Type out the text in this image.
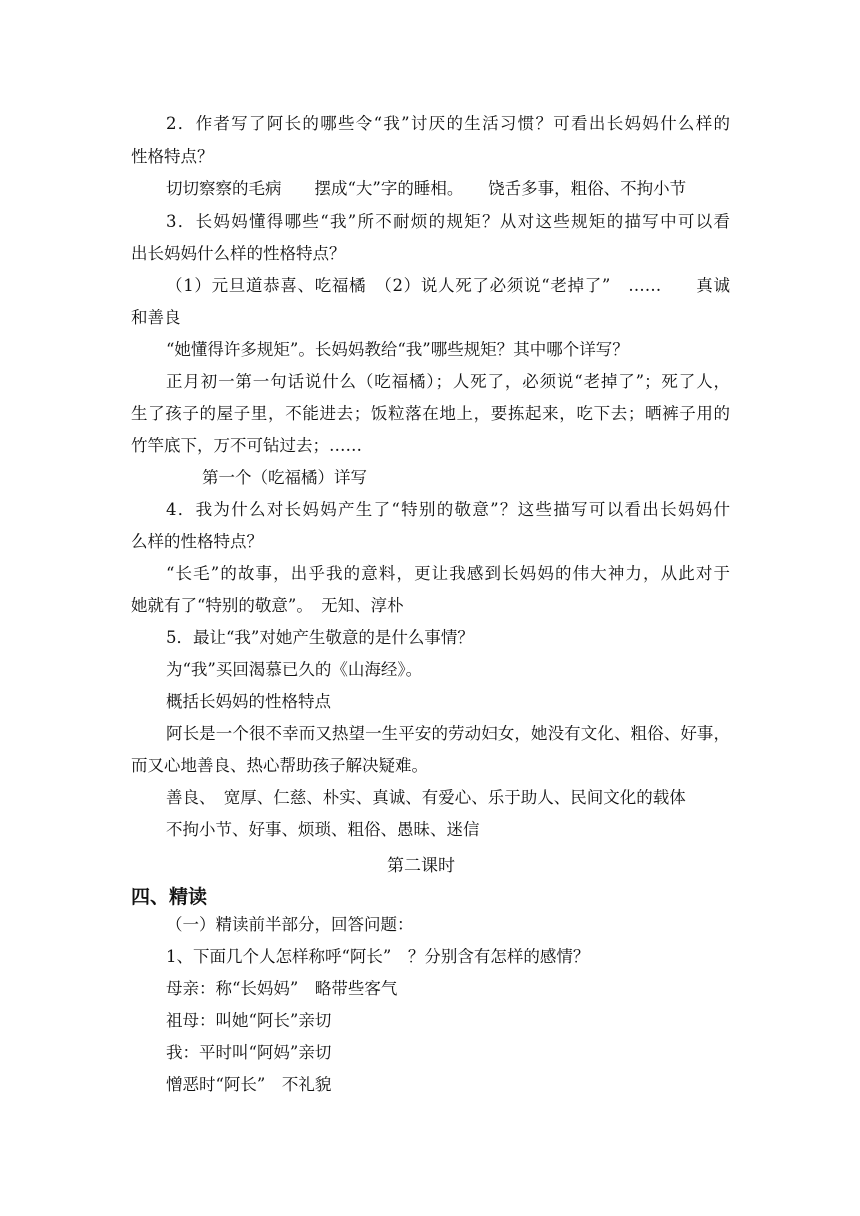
2．作者写了阿长的哪些令“我”讨厌的生活习惯？可看出长妈妈什么样的

性格特点？

切切察察的毛病　　摆成“大”字的睡相。　　饶舌多事，粗俗、不拘小节

3．长妈妈懂得哪些“我”所不耐烦的规矩？从对这些规矩的描写中可以看

出长妈妈什么样的性格特点？

（1）元旦道恭喜、吃福橘　（2）说人死了必须说“老掉了”　……　　真诚

和善良

“她懂得许多规矩”。长妈妈教给“我”哪些规矩？其中哪个详写？

正月初一第一句话说什么（吃福橘）；人死了，必须说“老掉了”；死了人，

生了孩子的屋子里，不能进去；饭粒落在地上，要拣起来，吃下去；晒裤子用的

竹竿底下，万不可钻过去；……

第一个（吃福橘）详写

4．我为什么对长妈妈产生了“特别的敬意”？这些描写可以看出长妈妈什

么样的性格特点？

“长毛”的故事，出乎我的意料，更让我感到长妈妈的伟大神力，从此对于

她就有了“特别的敬意”。　无知、淳朴

5．最让“我”对她产生敬意的是什么事情？

为“我”买回渴慕已久的《山海经》。

概括长妈妈的性格特点

阿长是一个很不幸而又热望一生平安的劳动妇女，她没有文化、粗俗、好事，

而又心地善良、热心帮助孩子解决疑难。

善良、　宽厚、仁慈、朴实、真诚、有爱心、乐于助人、民间文化的载体

不拘小节、好事、烦琐、粗俗、愚昧、迷信

第二课时

四、精读

（一）精读前半部分，回答问题：

1、下面几个人怎样称呼“阿长”　？分别含有怎样的感情？

母亲：称“长妈妈”　略带些客气

祖母：叫她“阿长”亲切

我：平时叫“阿妈”亲切

憎恶时“阿长”　不礼貌
